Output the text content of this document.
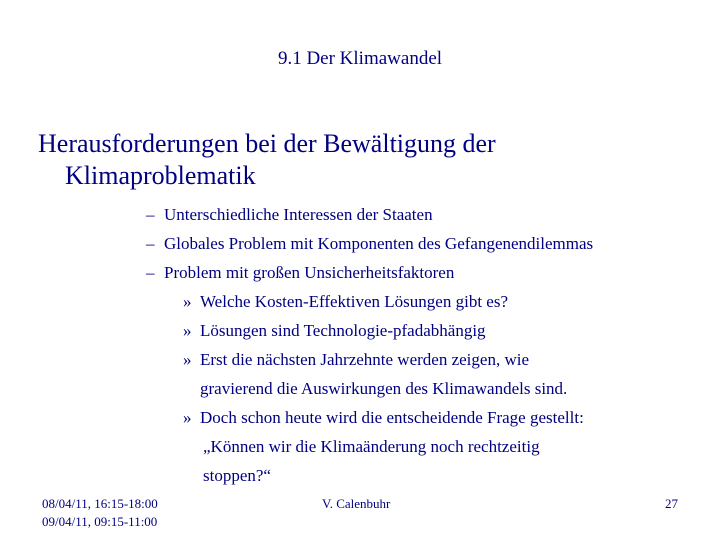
9.1 Der Klimawandel
Herausforderungen bei der Bewältigung der
Klimaproblematik
– Unterschiedliche Interessen der Staaten
– Globales Problem mit Komponenten des Gefangenendilemmas
– Problem mit großen Unsicherheitsfaktoren
» Welche Kosten-Effektiven Lösungen gibt es?
» Lösungen sind Technologie-pfadabhängig
» Erst die nächsten Jahrzehnte werden zeigen, wie
gravierend die Auswirkungen des Klimawandels sind.
» Doch schon heute wird die entscheidende Frage gestellt:
„Können wir die Klimaänderung noch rechtzeitig
stoppen?“
08/04/11, 16:15-18:00
09/04/11, 09:15-11:00
V. Calenbuhr	27
